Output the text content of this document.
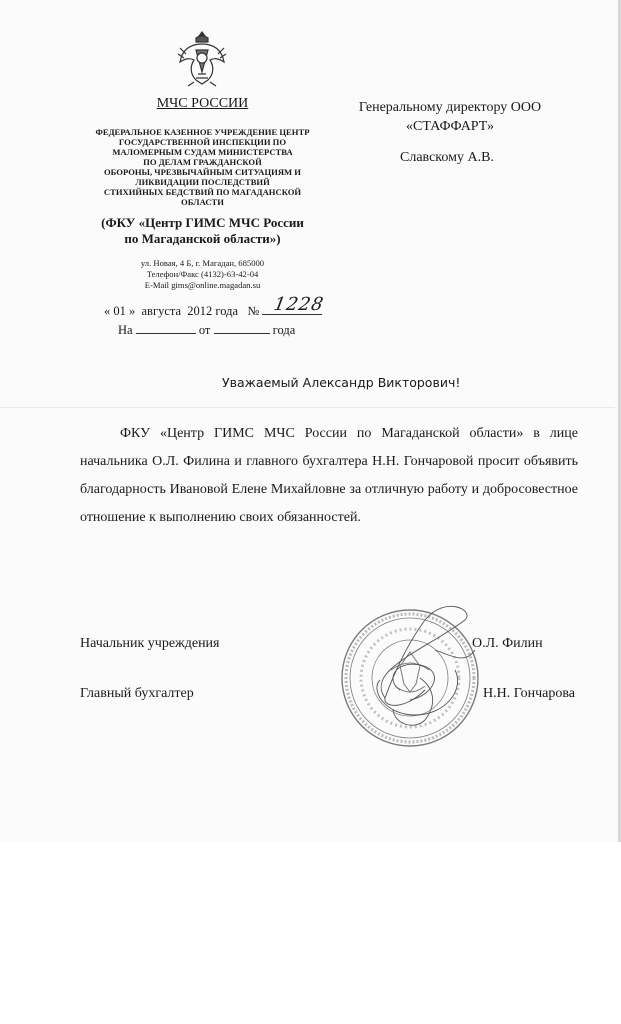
МЧС РОССИИ
ФЕДЕРАЛЬНОЕ КАЗЕННОЕ УЧРЕЖДЕНИЕ ЦЕНТР
ГОСУДАРСТВЕННОЙ ИНСПЕКЦИИ ПО
МАЛОМЕРНЫМ СУДАМ МИНИСТЕРСТВА
ПО ДЕЛАМ ГРАЖДАНСКОЙ
ОБОРОНЫ, ЧРЕЗВЫЧАЙНЫМ СИТУАЦИЯМ И
ЛИКВИДАЦИИ ПОСЛЕДСТВИЙ
СТИХИЙНЫХ БЕДСТВИЙ ПО МАГАДАНСКОЙ
ОБЛАСТИ
(ФКУ «Центр ГИМС МЧС России
по Магаданской области»)
ул. Новая, 4 Б, г. Магадан, 685000
Телефон/Факс (4132)-63-42-04
E-Mail gims@online.magadan.su
« 01 » августа 2012 года № 1228
На	от	года
Генеральному директору ООО
«СТАФФАРТ»
Славскому А.В.
Уважаемый Александр Викторович!
ФКУ «Центр ГИМС МЧС России по Магаданской области» в лице начальника О.Л. Филина и главного бухгалтера Н.Н. Гончаровой просит объявить благодарность Ивановой Елене Михайловне за отличную работу и добросовестное отношение к выполнению своих обязанностей.
Начальник учреждения	О.Л. Филин
Главный бухгалтер	Н.Н. Гончарова
